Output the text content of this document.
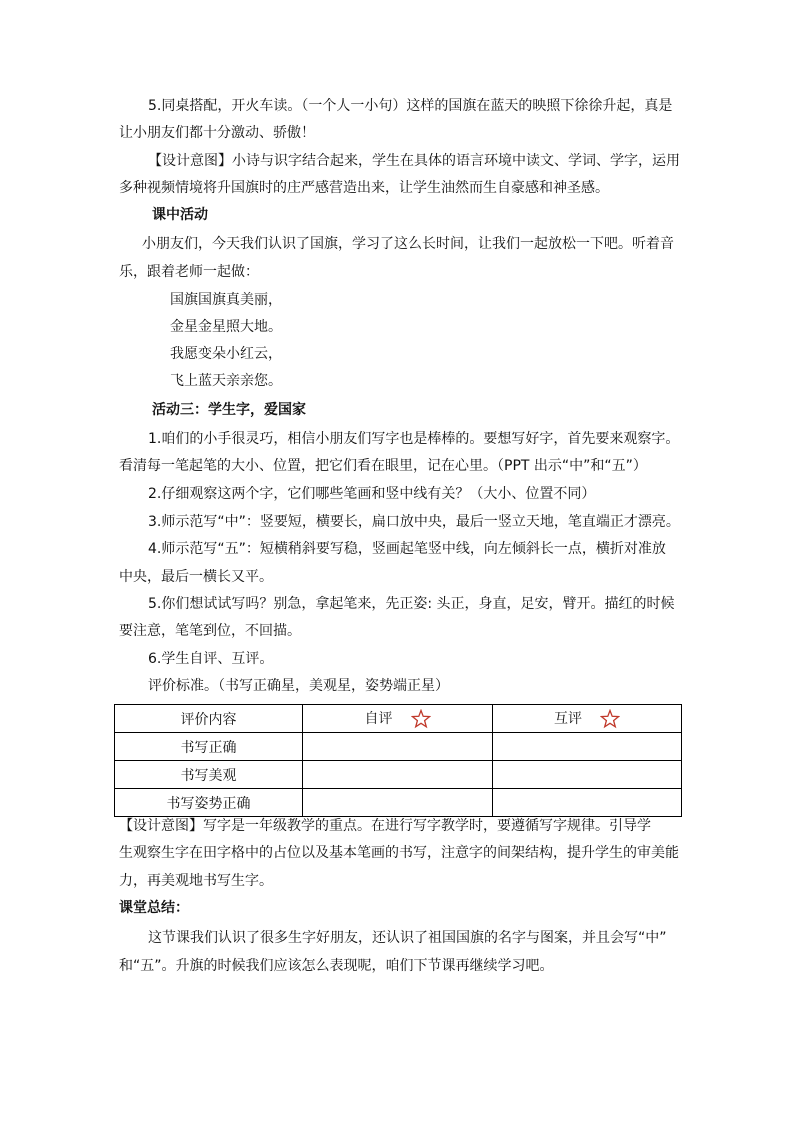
5.同桌搭配，开火车读。（一个人一小句）这样的国旗在蓝天的映照下徐徐升起，真是
让小朋友们都十分激动、骄傲！
【设计意图】小诗与识字结合起来，学生在具体的语言环境中读文、学词、学字，运用
多种视频情境将升国旗时的庄严感营造出来，让学生油然而生自豪感和神圣感。
课中活动
小朋友们，今天我们认识了国旗，学习了这么长时间，让我们一起放松一下吧。听着音
乐，跟着老师一起做：
国旗国旗真美丽，
金星金星照大地。
我愿变朵小红云，
飞上蓝天亲亲您。
活动三：学生字，爱国家
1.咱们的小手很灵巧，相信小朋友们写字也是棒棒的。要想写好字，首先要来观察字。
看清每一笔起笔的大小、位置，把它们看在眼里，记在心里。（PPT 出示“中”和“五”）
2.仔细观察这两个字，它们哪些笔画和竖中线有关？（大小、位置不同）
3.师示范写“中”：竖要短，横要长，扁口放中央，最后一竖立天地，笔直端正才漂亮。
4.师示范写“五”：短横稍斜要写稳，竖画起笔竖中线，向左倾斜长一点，横折对准放
中央，最后一横长又平。
5.你们想试试写吗？别急，拿起笔来，先正姿: 头正，身直，足安，臂开。描红的时候
要注意，笔笔到位，不回描。
6.学生自评、互评。
评价标准。（书写正确星，美观星，姿势端正星）
评价内容	自评	互评
书写正确		
书写美观		
书写姿势正确		
【设计意图】写字是一年级教学的重点。在进行写字教学时，要遵循写字规律。引导学
生观察生字在田字格中的占位以及基本笔画的书写，注意字的间架结构，提升学生的审美能
力，再美观地书写生字。
课堂总结：
这节课我们认识了很多生字好朋友，还认识了祖国国旗的名字与图案，并且会写“中”
和“五”。升旗的时候我们应该怎么表现呢，咱们下节课再继续学习吧。
